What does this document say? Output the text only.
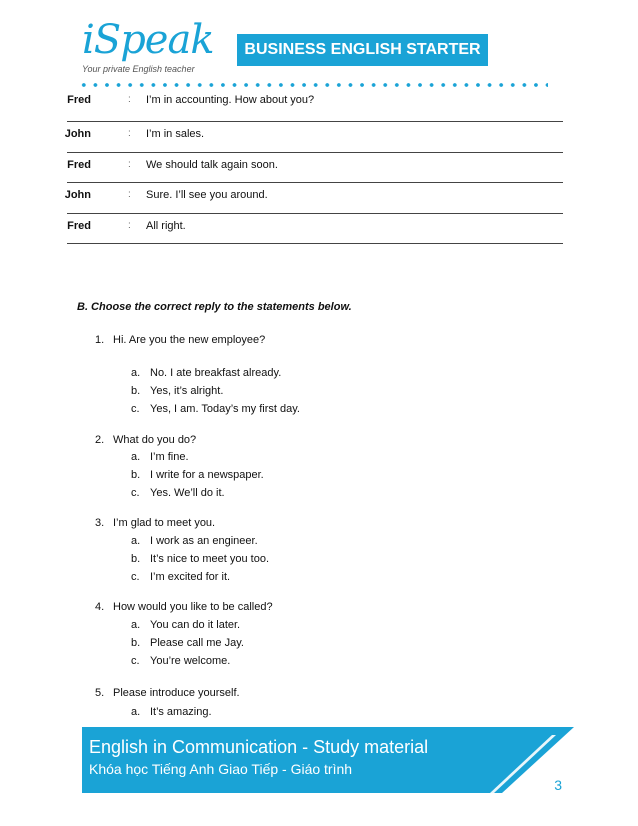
iSpeak
Your private English teacher
BUSINESS ENGLISH STARTER
Fred	: I’m in accounting. How about you?
John	: I’m in sales.
Fred	: We should talk again soon.
John	: Sure. I’ll see you around.
Fred	: All right.
B. Choose the correct reply to the statements below.
1. Hi. Are you the new employee?
a. No. I ate breakfast already.
b. Yes, it’s alright.
c. Yes, I am. Today’s my first day.
2. What do you do?
a. I’m fine.
b. I write for a newspaper.
c. Yes. We’ll do it.
3. I’m glad to meet you.
a. I work as an engineer.
b. It’s nice to meet you too.
c. I’m excited for it.
4. How would you like to be called?
a. You can do it later.
b. Please call me Jay.
c. You’re welcome.
5. Please introduce yourself.
a. It’s amazing.
English in Communication - Study material
Khóa học Tiếng Anh Giao Tiếp - Giáo trình
3
